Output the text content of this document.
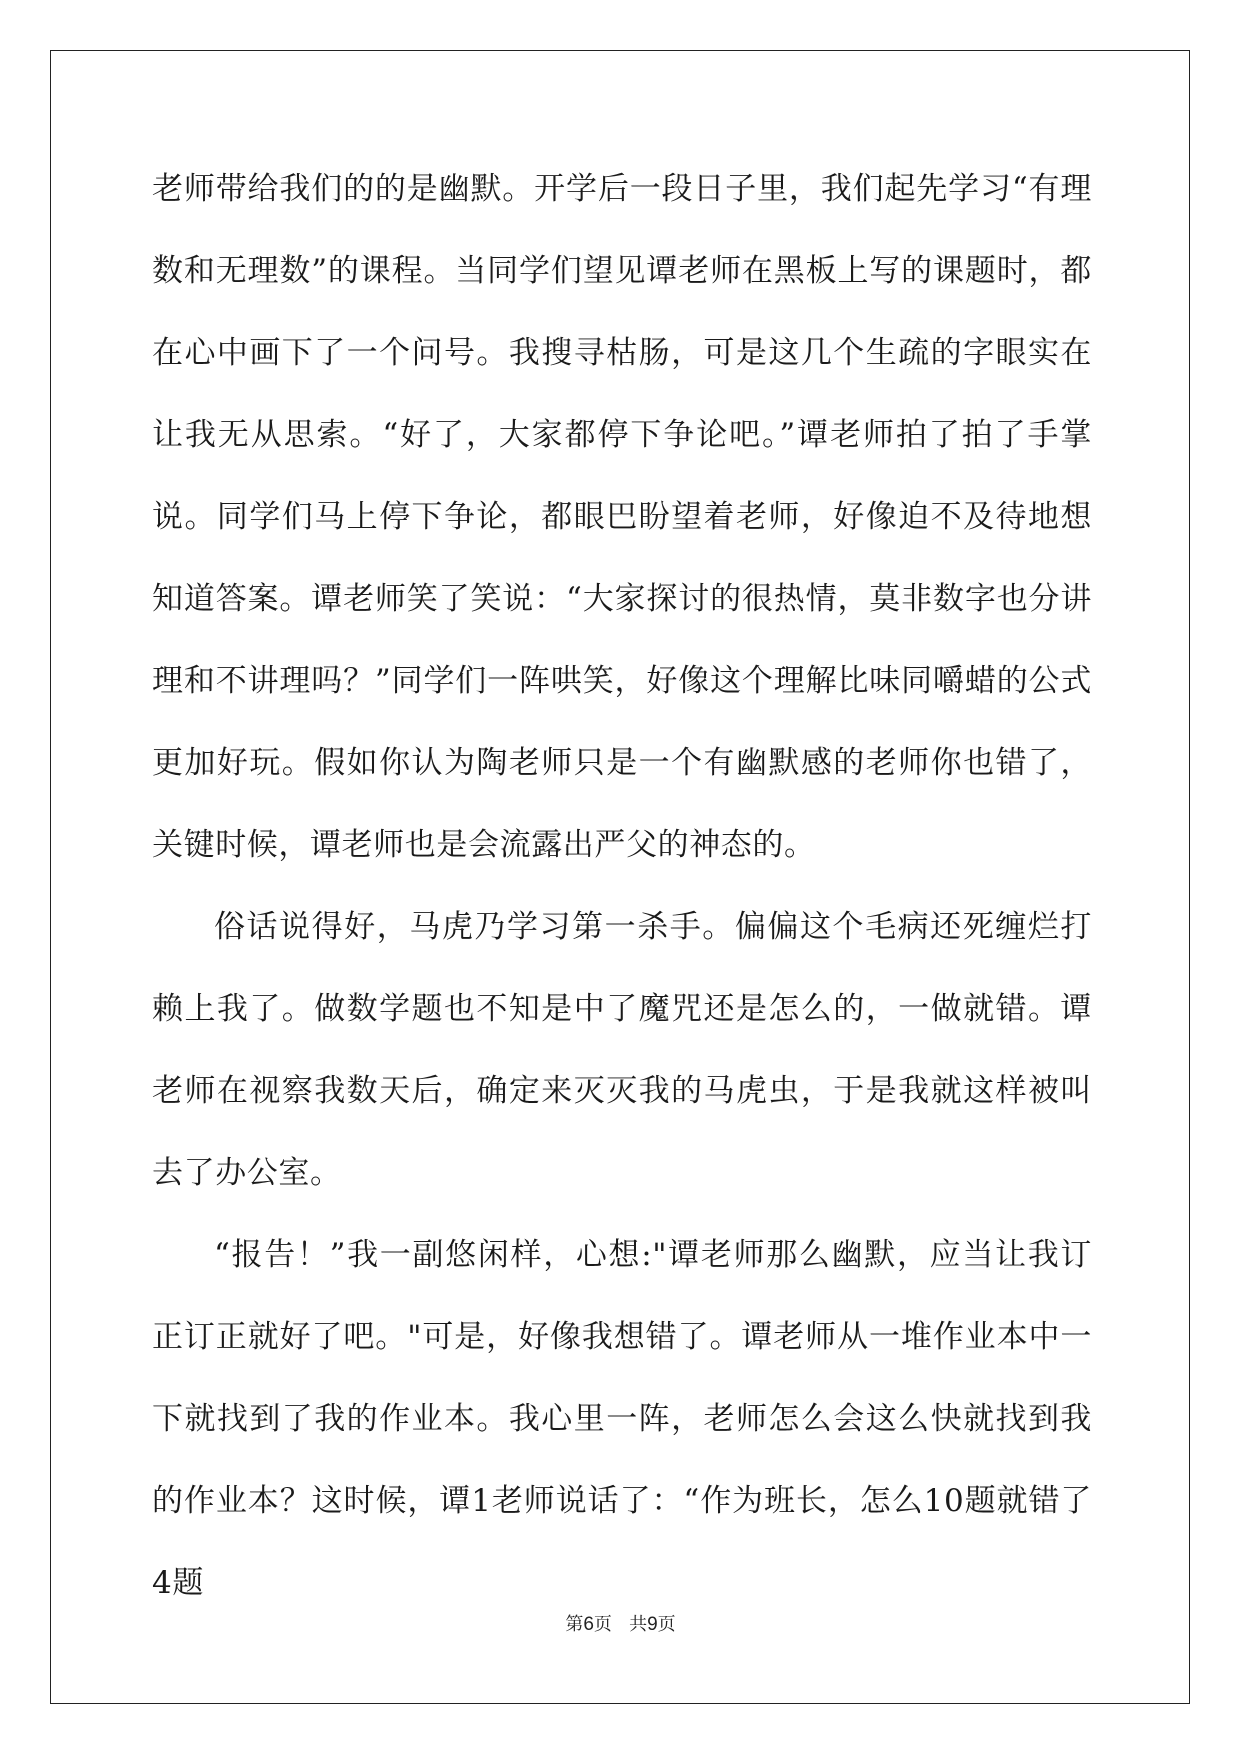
老师带给我们的的是幽默。开学后一段日子里，我们起先学习“有理数和无理数”的课程。当同学们望见谭老师在黑板上写的课题时，都在心中画下了一个问号。我搜寻枯肠，可是这几个生疏的字眼实在让我无从思索。“好了，大家都停下争论吧。”谭老师拍了拍了手掌说。同学们马上停下争论，都眼巴盼望着老师，好像迫不及待地想知道答案。谭老师笑了笑说：“大家探讨的很热情，莫非数字也分讲理和不讲理吗？”同学们一阵哄笑，好像这个理解比味同嚼蜡的公式更加好玩。假如你认为陶老师只是一个有幽默感的老师你也错了，关键时候，谭老师也是会流露出严父的神态的。

俗话说得好，马虎乃学习第一杀手。偏偏这个毛病还死缠烂打赖上我了。做数学题也不知是中了魔咒还是怎么的，一做就错。谭老师在视察我数天后，确定来灭灭我的马虎虫，于是我就这样被叫去了办公室。

“报告！”我一副悠闲样，心想:"谭老师那么幽默，应当让我订正订正就好了吧。"可是，好像我想错了。谭老师从一堆作业本中一下就找到了我的作业本。我心里一阵，老师怎么会这么快就找到我的作业本？这时候，谭1老师说话了：“作为班长，怎么10题就错了4题

第6页   共9页
